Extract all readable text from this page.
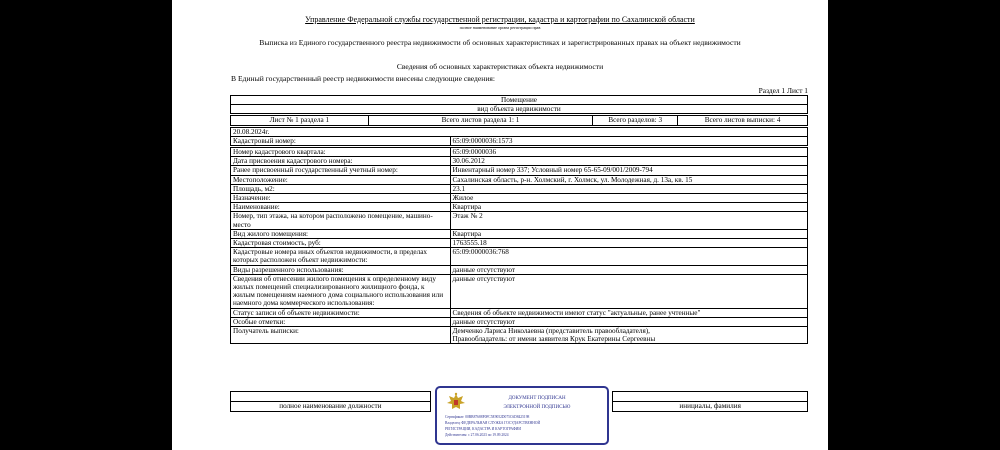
Управление Федеральной службы государственной регистрации, кадастра и картографии по Сахалинской области
полное наименование органа регистрации прав
Выписка из Единого государственного реестра недвижимости об основных характеристиках и зарегистрированных правах на объект недвижимости
Сведения об основных характеристиках объекта недвижимости
В Единый государственный реестр недвижимости внесены следующие сведения:
Раздел 1 Лист 1
Помещение				
вид объекта недвижимости				

Лист № 1 раздела 1	Всего листов раздела 1: 1		Всего разделов: 3	Всего листов выписки: 4

20.08.2024г.				
Кадастровый номер:		65:09:0000036:1573		

Номер кадастрового квартала:		65:09:0000036		
Дата присвоения кадастрового номера:		30.06.2012		
Ранее присвоенный государственный учетный номер:		Инвентарный номер 337; Условный номер 65-65-09/001/2009-794		
Местоположение:		Сахалинская область, р-н. Холмский, г. Холмск, ул. Молодежная, д. 13а, кв. 15		
Площадь, м2:		23.1		
Назначение:		Жилое		
Наименование:		Квартира		
Номер, тип этажа, на котором расположено помещение, машино-место		Этаж № 2		
Вид жилого помещения:		Квартира		
Кадастровая стоимость, руб:		1763555.18		
Кадастровые номера иных объектов недвижимости, в пределах которых расположен объект недвижимости:		65:09:0000036:768		
Виды разрешенного использования:		данные отсутствуют		
Сведения об отнесении жилого помещения к определенному виду жилых помещений специализированного жилищного фонда, к жилым помещениям наемного дома социального использования или наемного дома коммерческого использования:		данные отсутствуют		
Статус записи об объекте недвижимости:		Сведения об объекте недвижимости имеют статус "актуальные, ранее учтенные"		
Особые отметки:		данные отсутствуют		
Получатель выписки:		Демченко Лариса Николаевна (представитель правообладателя), Правообладатель: от имени заявителя Крук Екатерины Сергеевны		

полное наименование должности		инициалы, фамилия
ДОКУМЕНТ ПОДПИСАН
ЭЛЕКТРОННОЙ ПОДПИСЬЮ
Сертификат: 00BB87688F0FC5E9052D075C6D8425198
Владелец: ФЕДЕРАЛЬНАЯ СЛУЖБА ГОСУДАРСТВЕННОЙ
РЕГИСТРАЦИИ, КАДАСТРА И КАРТОГРАФИИ
Действителен: с 27.06.2023 по 19.09.2024
